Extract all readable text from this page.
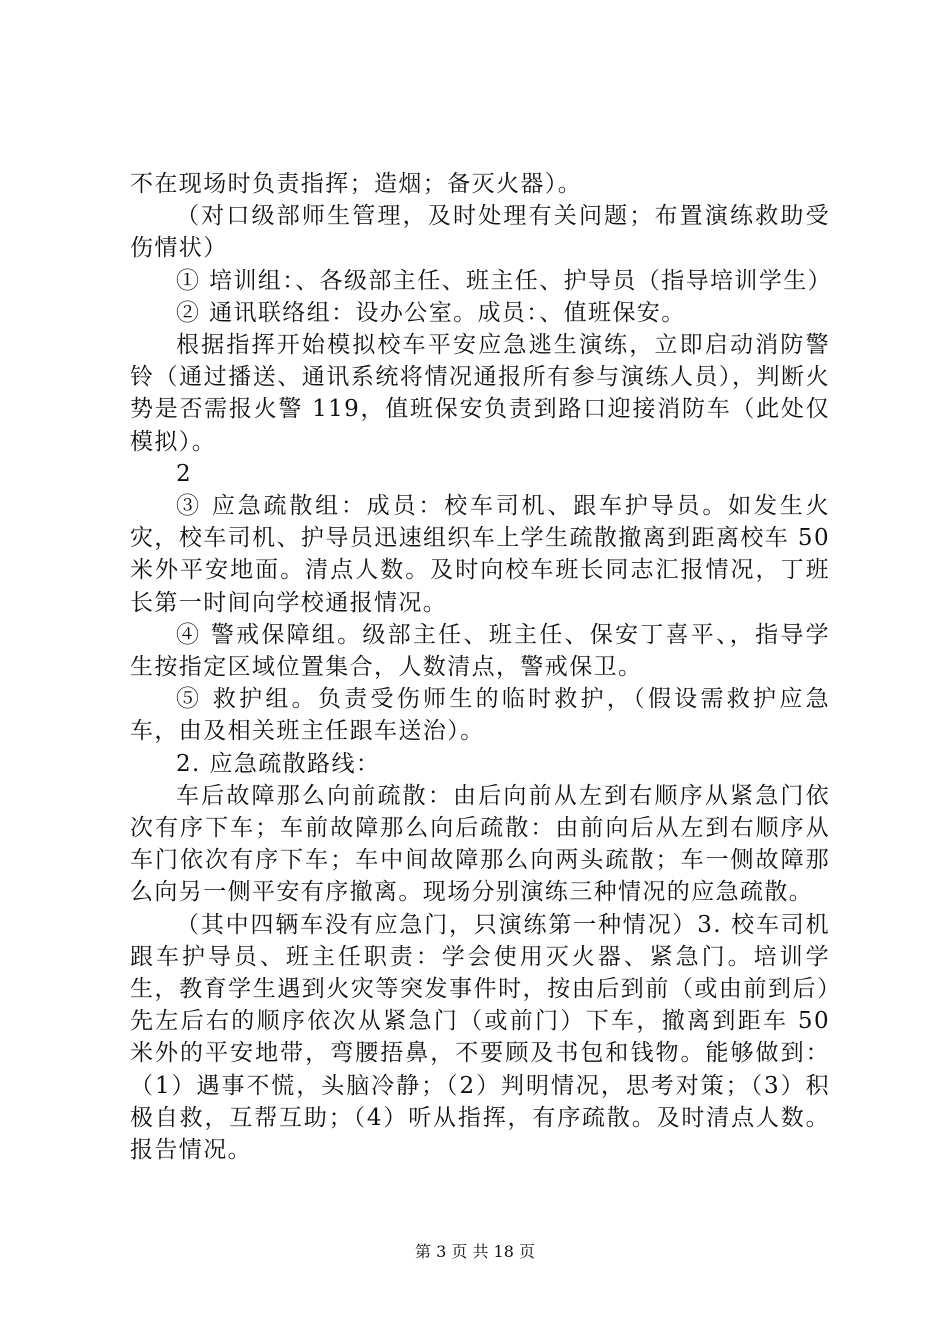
不在现场时负责指挥；造烟；备灭火器）。

（对口级部师生管理，及时处理有关问题；布置演练救助受伤情状）

① 培训组：、各级部主任、班主任、护导员（指导培训学生）

② 通讯联络组：设办公室。成员：、值班保安。

根据指挥开始模拟校车平安应急逃生演练，立即启动消防警铃（通过播送、通讯系统将情况通报所有参与演练人员），判断火势是否需报火警 119，值班保安负责到路口迎接消防车（此处仅模拟）。

2

③ 应急疏散组：成员：校车司机、跟车护导员。如发生火灾，校车司机、护导员迅速组织车上学生疏散撤离到距离校车 50 米外平安地面。清点人数。及时向校车班长同志汇报情况，丁班长第一时间向学校通报情况。

④ 警戒保障组。级部主任、班主任、保安丁喜平、，指导学生按指定区域位置集合，人数清点，警戒保卫。

⑤ 救护组。负责受伤师生的临时救护，（假设需救护应急车，由及相关班主任跟车送治）。

2. 应急疏散路线：

车后故障那么向前疏散：由后向前从左到右顺序从紧急门依次有序下车；车前故障那么向后疏散：由前向后从左到右顺序从车门依次有序下车；车中间故障那么向两头疏散；车一侧故障那么向另一侧平安有序撤离。现场分别演练三种情况的应急疏散。

（其中四辆车没有应急门，只演练第一种情况）3. 校车司机跟车护导员、班主任职责：学会使用灭火器、紧急门。培训学生，教育学生遇到火灾等突发事件时，按由后到前（或由前到后）先左后右的顺序依次从紧急门（或前门）下车，撤离到距车 50 米外的平安地带，弯腰捂鼻，不要顾及书包和钱物。能够做到：（1）遇事不慌，头脑冷静；（2）判明情况，思考对策；（3）积极自救，互帮互助；（4）听从指挥，有序疏散。及时清点人数。报告情况。

第 3 页 共 18 页
